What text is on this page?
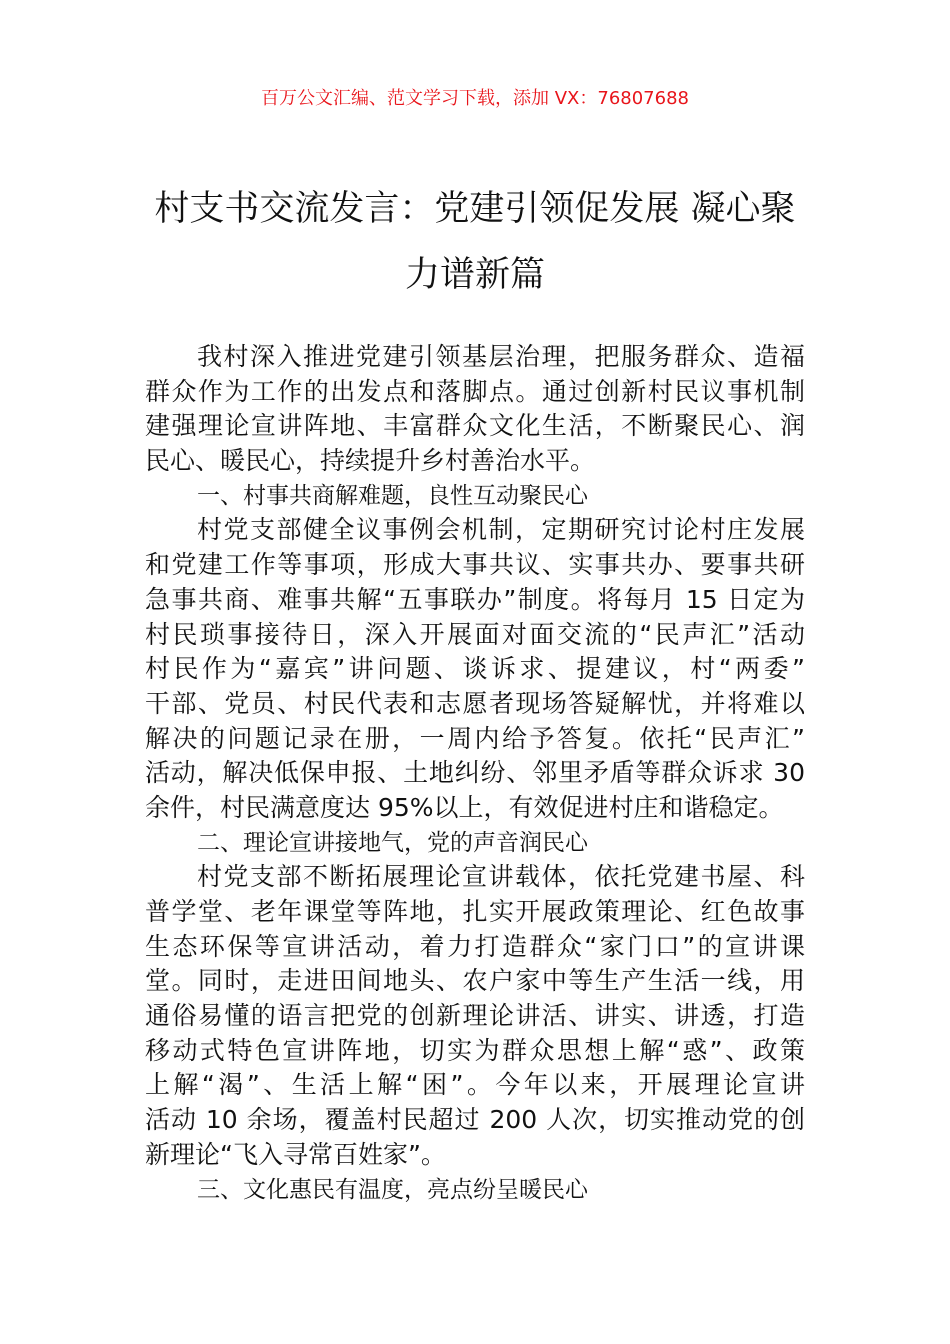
百万公文汇编、范文学习下载，添加 VX：76807688
村支书交流发言：党建引领促发展 凝心聚
力谱新篇
我村深入推进党建引领基层治理，把服务群众、造福
群众作为工作的出发点和落脚点。通过创新村民议事机制
建强理论宣讲阵地、丰富群众文化生活，不断聚民心、润
民心、暖民心，持续提升乡村善治水平。
一、村事共商解难题，良性互动聚民心
村党支部健全议事例会机制，定期研究讨论村庄发展
和党建工作等事项，形成大事共议、实事共办、要事共研
急事共商、难事共解“五事联办”制度。将每月 15 日定为
村民琐事接待日，深入开展面对面交流的“民声汇”活动
村民作为“嘉宾”讲问题、谈诉求、提建议，村“两委”
干部、党员、村民代表和志愿者现场答疑解忧，并将难以
解决的问题记录在册，一周内给予答复。依托“民声汇”
活动，解决低保申报、土地纠纷、邻里矛盾等群众诉求 30
余件，村民满意度达 95%以上，有效促进村庄和谐稳定。
二、理论宣讲接地气，党的声音润民心
村党支部不断拓展理论宣讲载体，依托党建书屋、科
普学堂、老年课堂等阵地，扎实开展政策理论、红色故事
生态环保等宣讲活动，着力打造群众“家门口”的宣讲课
堂。同时，走进田间地头、农户家中等生产生活一线，用
通俗易懂的语言把党的创新理论讲活、讲实、讲透，打造
移动式特色宣讲阵地，切实为群众思想上解“惑”、政策
上解“渴”、生活上解“困”。今年以来，开展理论宣讲
活动 10 余场，覆盖村民超过 200 人次，切实推动党的创
新理论“飞入寻常百姓家”。
三、文化惠民有温度，亮点纷呈暖民心
